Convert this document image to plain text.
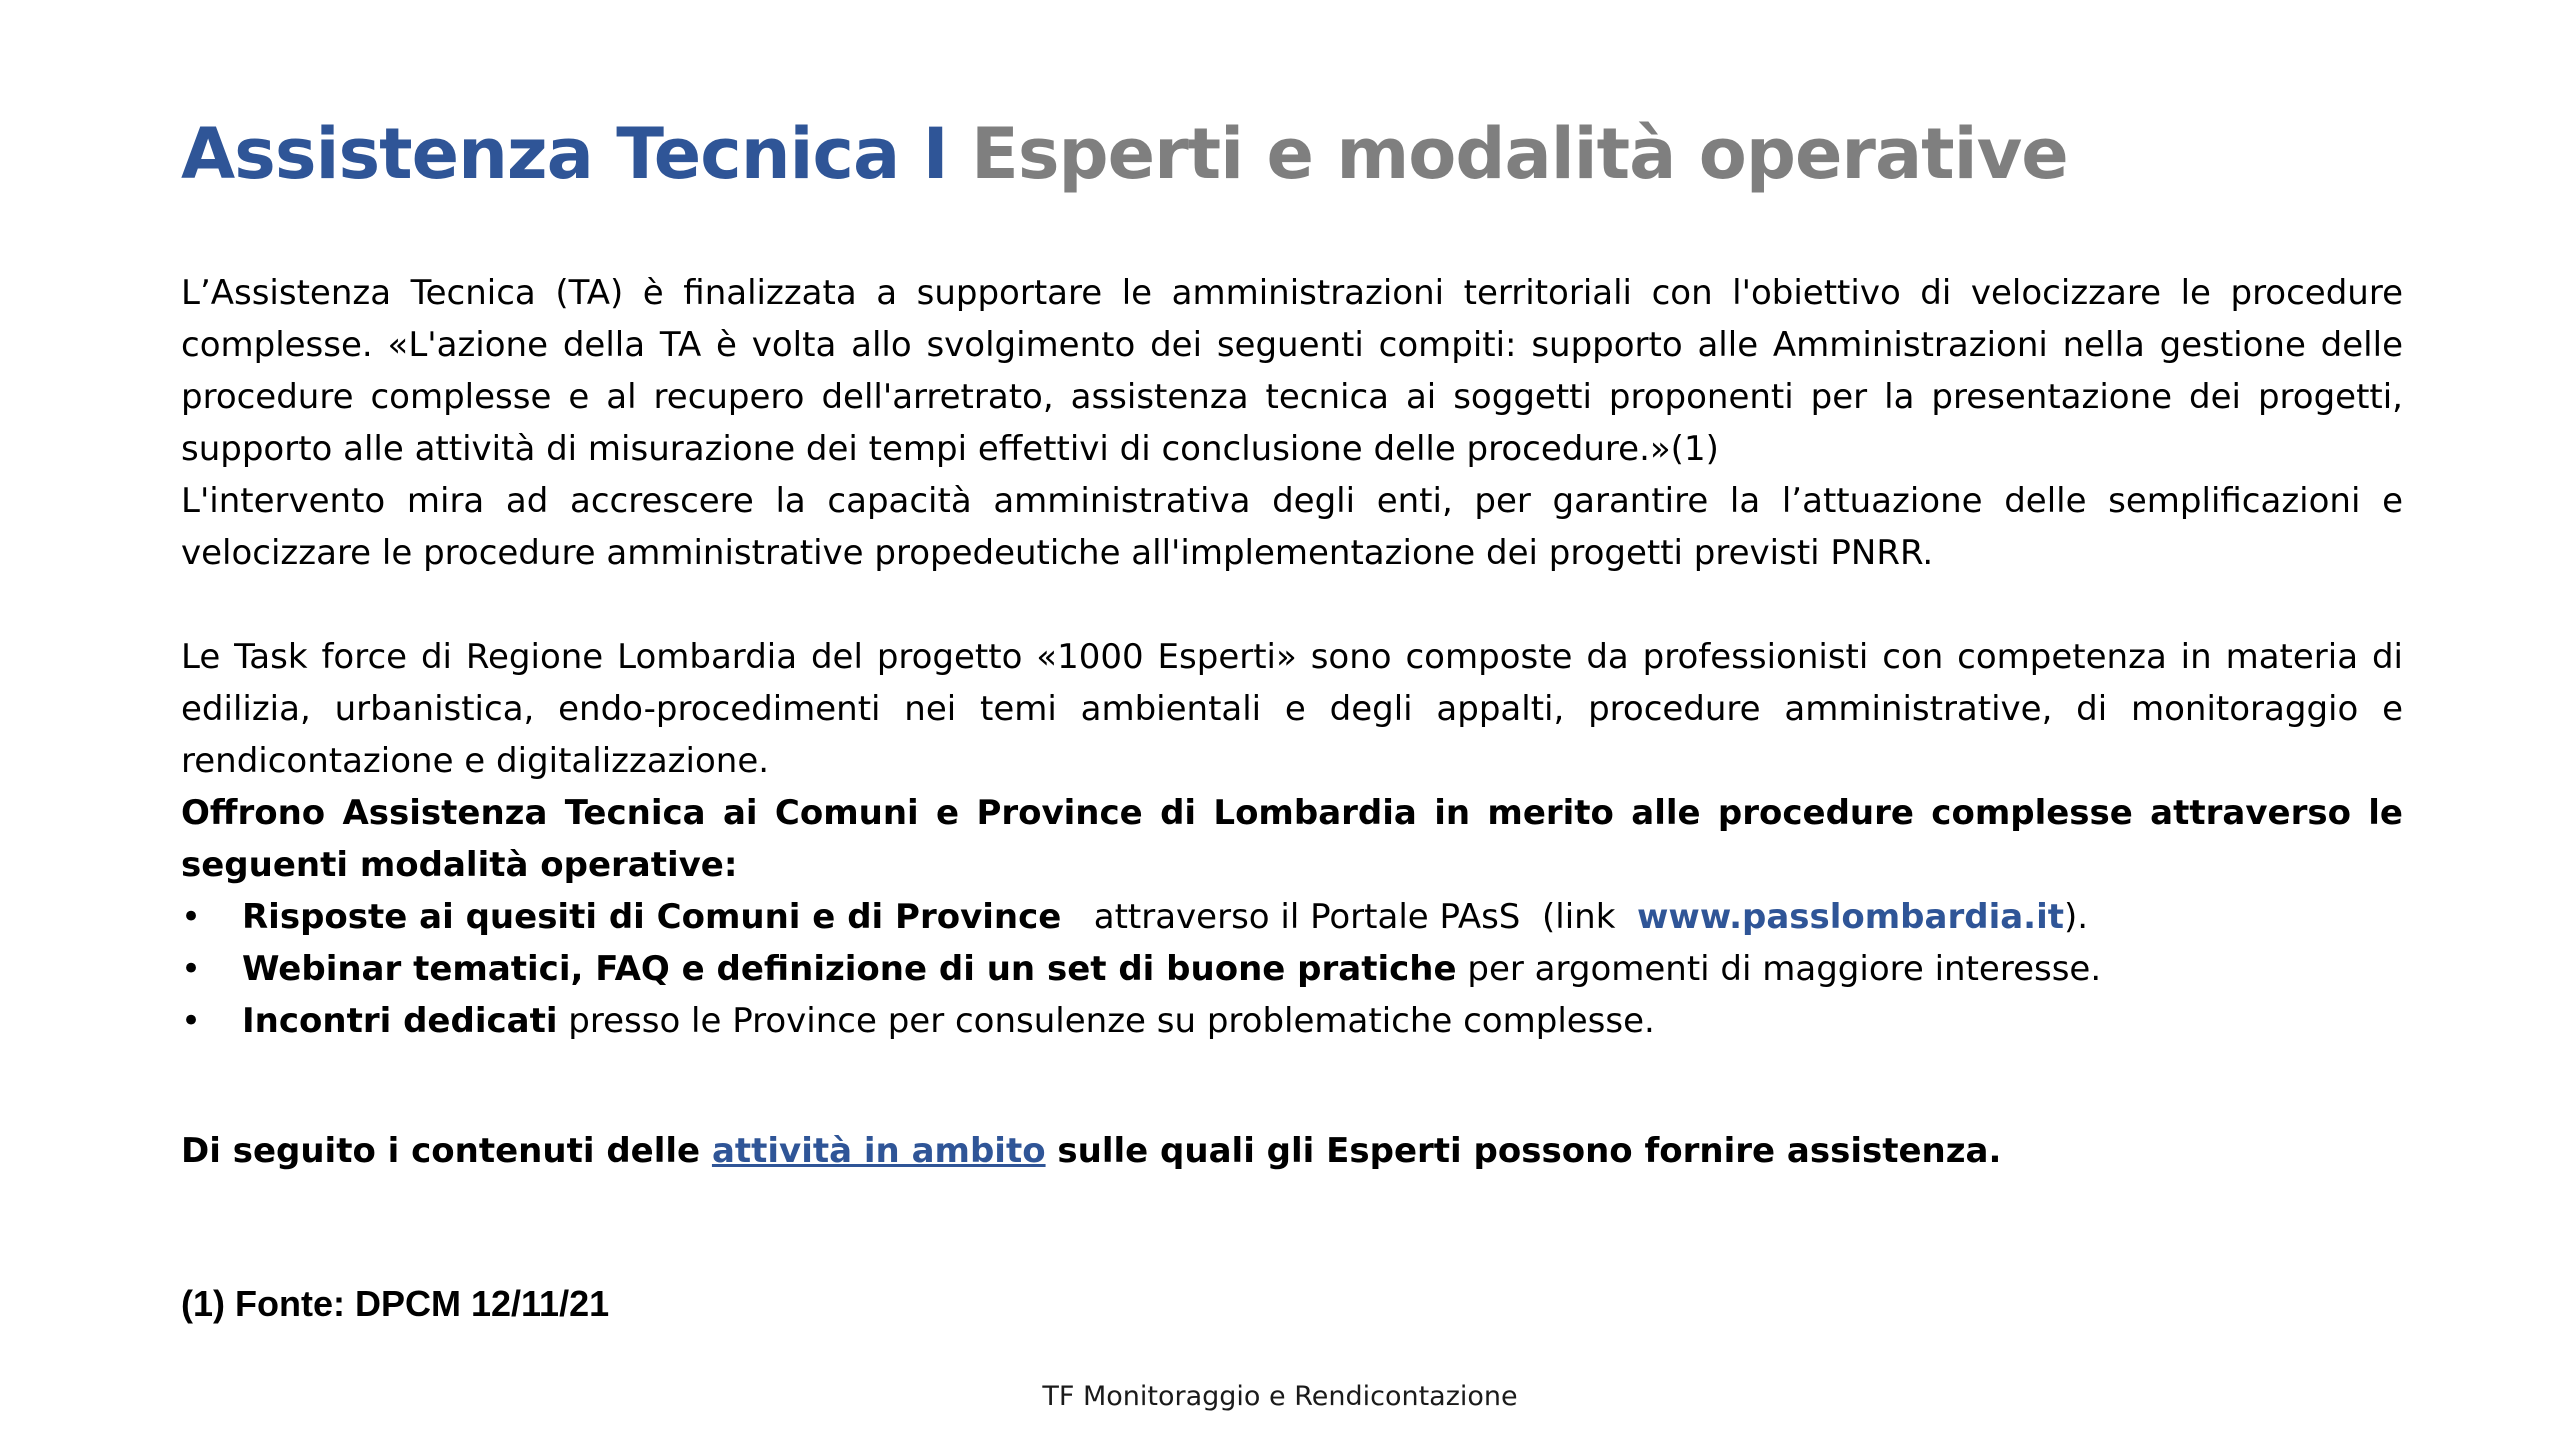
Assistenza Tecnica I Esperti e modalità operative

L’Assistenza Tecnica (TA) è finalizzata a supportare le amministrazioni territoriali con l'obiettivo di velocizzare le procedure complesse. «L'azione della TA è volta allo svolgimento dei seguenti compiti: supporto alle Amministrazioni nella gestione delle procedure complesse e al recupero dell'arretrato, assistenza tecnica ai soggetti proponenti per la presentazione dei progetti, supporto alle attività di misurazione dei tempi effettivi di conclusione delle procedure.»(1)

L'intervento mira ad accrescere la capacità amministrativa degli enti, per garantire la l’attuazione delle semplificazioni e velocizzare le procedure amministrative propedeutiche all'implementazione dei progetti previsti PNRR.

Le Task force di Regione Lombardia del progetto «1000 Esperti» sono composte da professionisti con competenza in materia di edilizia, urbanistica, endo-procedimenti nei temi ambientali e degli appalti, procedure amministrative, di monitoraggio e rendicontazione e digitalizzazione.

Offrono Assistenza Tecnica ai Comuni e Province di Lombardia in merito alle procedure complesse attraverso le seguenti modalità operative:

• Risposte ai quesiti di Comuni e di Province   attraverso il Portale PAsS  (link  www.passlombardia.it).
• Webinar tematici, FAQ e definizione di un set di buone pratiche per argomenti di maggiore interesse.
• Incontri dedicati presso le Province per consulenze su problematiche complesse.

Di seguito i contenuti delle attività in ambito sulle quali gli Esperti possono fornire assistenza.

(1) Fonte: DPCM 12/11/21
TF Monitoraggio e Rendicontazione
